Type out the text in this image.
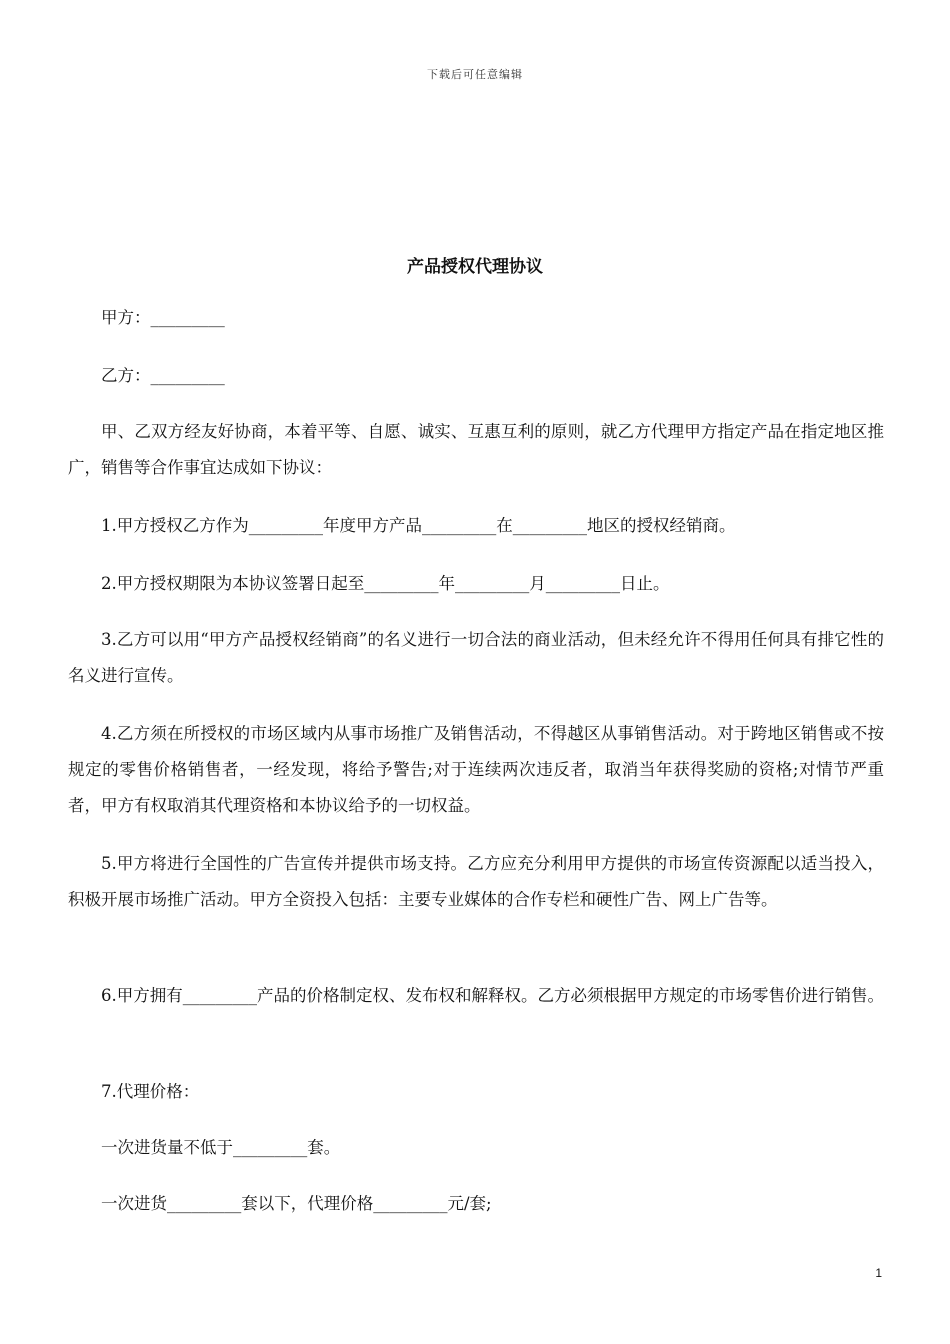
下载后可任意编辑
产品授权代理协议

甲方：_________

乙方：_________

甲、乙双方经友好协商，本着平等、自愿、诚实、互惠互利的原则，就乙方代理甲方指定产品在指定地区推广，销售等合作事宜达成如下协议：

1.甲方授权乙方作为_________年度甲方产品_________在_________地区的授权经销商。

2.甲方授权期限为本协议签署日起至_________年_________月_________日止。

3.乙方可以用“甲方产品授权经销商”的名义进行一切合法的商业活动，但未经允许不得用任何具有排它性的名义进行宣传。

4.乙方须在所授权的市场区域内从事市场推广及销售活动，不得越区从事销售活动。对于跨地区销售或不按规定的零售价格销售者，一经发现，将给予警告;对于连续两次违反者，取消当年获得奖励的资格;对情节严重者，甲方有权取消其代理资格和本协议给予的一切权益。

5.甲方将进行全国性的广告宣传并提供市场支持。乙方应充分利用甲方提供的市场宣传资源配以适当投入，积极开展市场推广活动。甲方全资投入包括：主要专业媒体的合作专栏和硬性广告、网上广告等。

6.甲方拥有_________产品的价格制定权、发布权和解释权。乙方必须根据甲方规定的市场零售价进行销售。

7.代理价格：

一次进货量不低于_________套。

一次进货_________套以下，代理价格_________元/套;

1
